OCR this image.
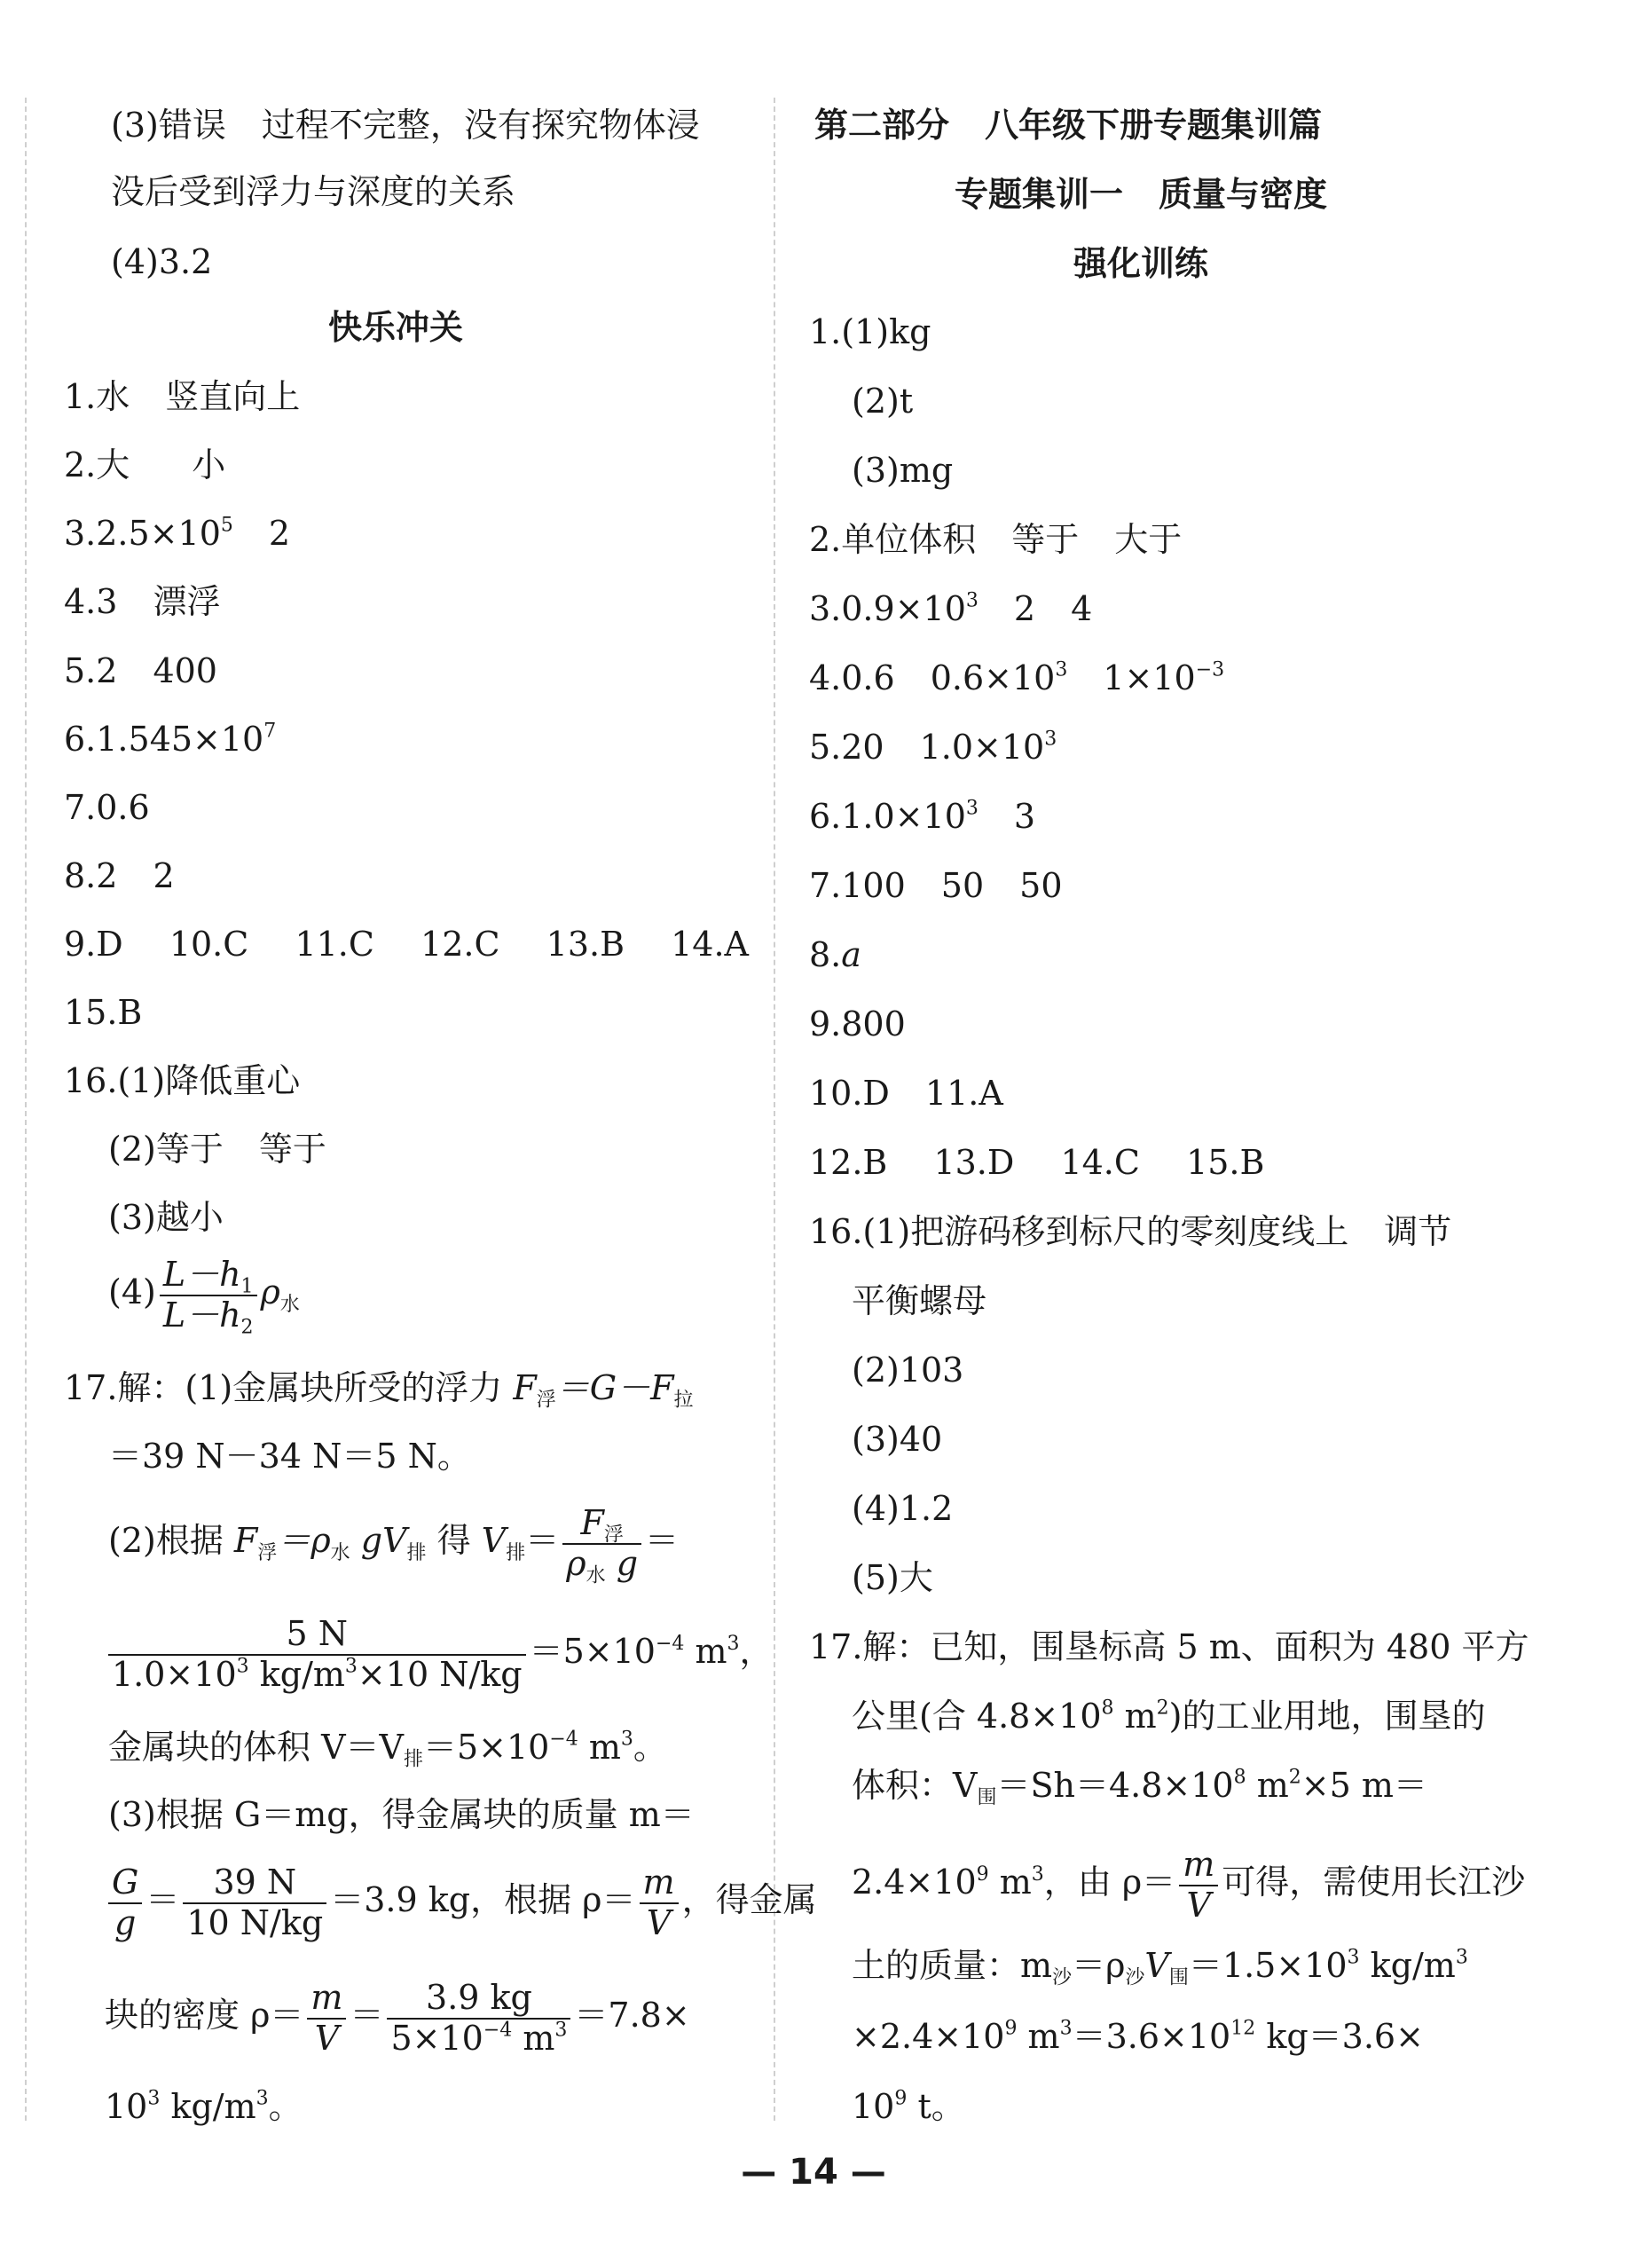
(3)错误 过程不完整，没有探究物体浸
没后受到浮力与深度的关系
(4)3.2
快乐冲关
1.水 竖直向上
2.大 小
$3.2.5\times 10^5$ 2
4.3 漂浮
5.2 400
$6.1.545\times 10^7$
7.0.6
8.2 2
9.D 10.C 11.C 12.C 13.B 14.A
15.B
16.(1)降低重心
(2)等于 等于
(3)越小
$(4) \frac{L-h_1}{L-h_2} \rho_水$
17.解：(1)金属块所受的浮力 $F_浮=G-F_拉$
＝39 N－34 N＝5 N。
(2)根据 $F_浮=\rho_水$ $gV_排$ 得 $V_排= \frac{F_浮}{\rho_水 g}$ ＝
$\frac{5 N}{1.0\times 10^3 kg/m^3\times 10 N/kg} =5\times 10^{-4}$ $m^3$，
金属块的体积 $V=V_排=5\times 10^{-4}$ $m^3$。
(3)根据 G＝mg，得金属块的质量 m＝
$\frac{G}{g} = \frac{39 N}{10 N/kg} =3.9$ kg，根据 $\rho= \frac{m}{V}$ ，得金属
块的密度 $\rho= \frac{m}{V} = \frac{3.9 kg}{5\times 10^{-4} m^3} =7.8\times$
$10^3$ $kg/m^3$。
第二部分 八年级下册专题集训篇
专题集训一 质量与密度
强化训练
1.(1)kg
(2)t
(3)mg
2.单位体积 等于 大于
$3.0.9\times 10^3$ 2 4
4.0.6 $0.6\times 10^3$ $1\times 10^{-3}$
5.20 $1.0\times 10^3$
$6.1.0\times 10^3$ 3
7.100 50 50
8.a
9.800
10.D 11.A
12.B 13.D 14.C 15.B
16.(1)把游码移到标尺的零刻度线上 调节
平衡螺母
(2)103
(3)40
(4)1.2
(5)大
17.解：已知，围垦标高 5 m、面积为 480 平方
公里(合 $4.8\times 10^8$ $m^2$)的工业用地，围垦的
体积：$V_围=Sh=4.8\times 10^8$ $m^2\times 5$ m＝
$2.4\times 10^9$ $m^3$，由 $\rho= \frac{m}{V}$ 可得，需使用长江沙
土的质量：$m_沙=\rho_沙V_围=1.5\times 10^3$ $kg/m^3$
$\times 2.4\times 10^9$ $m^3=3.6\times 10^{12}$ kg＝3.6×
$10^9$ t。
— 14 —
